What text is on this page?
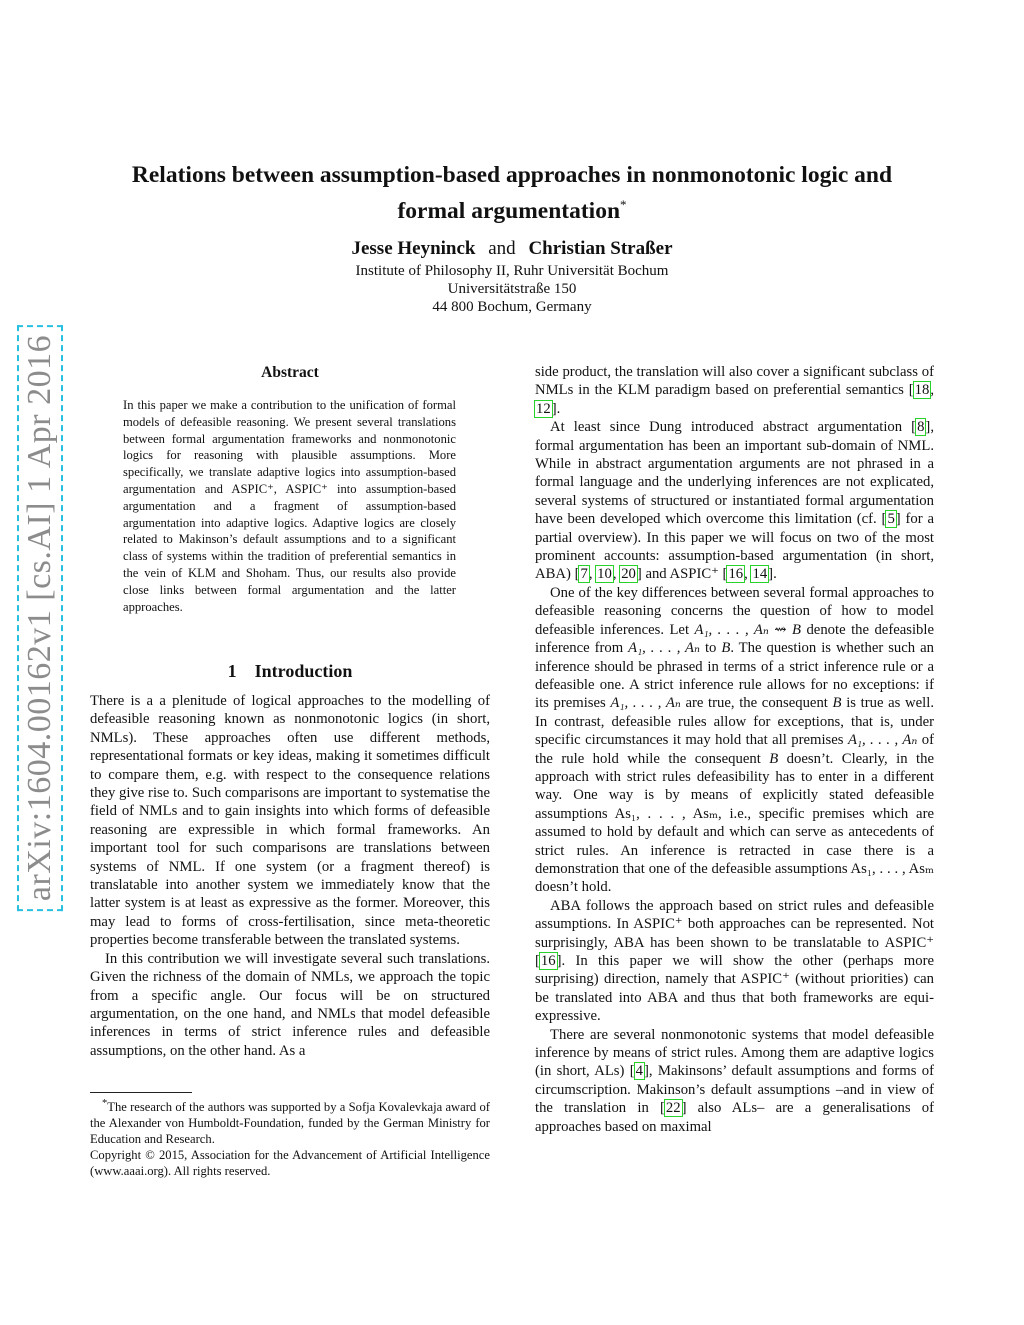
arXiv:1604.00162v1 [cs.AI] 1 Apr 2016
Relations between assumption-based approaches in nonmonotonic logic and
formal argumentation*
Jesse Heyninck and Christian Straßer
Institute of Philosophy II, Ruhr Universität Bochum
Universitätstraße 150
44 800 Bochum, Germany
Abstract
In this paper we make a contribution to the unification of formal models of defeasible reasoning. We present several translations between formal argumentation frameworks and nonmonotonic logics for reasoning with plausible assumptions. More specifically, we translate adaptive logics into assumption-based argumentation and ASPIC⁺, ASPIC⁺ into assumption-based argumentation and a fragment of assumption-based argumentation into adaptive logics. Adaptive logics are closely related to Makinson’s default assumptions and to a significant class of systems within the tradition of preferential semantics in the vein of KLM and Shoham. Thus, our results also provide close links between formal argumentation and the latter approaches.
1 Introduction

There is a a plenitude of logical approaches to the modelling of defeasible reasoning known as nonmonotonic logics (in short, NMLs). These approaches often use different methods, representational formats or key ideas, making it sometimes difficult to compare them, e.g. with respect to the consequence relations they give rise to. Such comparisons are important to systematise the field of NMLs and to gain insights into which forms of defeasible reasoning are expressible in which formal frameworks. An important tool for such comparisons are translations between systems of NML. If one system (or a fragment thereof) is translatable into another system we immediately know that the latter system is at least as expressive as the former. Moreover, this may lead to forms of cross-fertilisation, since meta-theoretic properties become transferable between the translated systems.

In this contribution we will investigate several such translations. Given the richness of the domain of NMLs, we approach the topic from a specific angle. Our focus will be on structured argumentation, on the one hand, and NMLs that model defeasible inferences in terms of strict inference rules and defeasible assumptions, on the other hand. As a

*The research of the authors was supported by a Sofja Kovalevkaja award of the Alexander von Humboldt-Foundation, funded by the German Ministry for Education and Research.

Copyright © 2015, Association for the Advancement of Artificial Intelligence (www.aaai.org). All rights reserved.

side product, the translation will also cover a significant subclass of NMLs in the KLM paradigm based on preferential semantics [18, 12].

At least since Dung introduced abstract argumentation [8], formal argumentation has been an important sub-domain of NML. While in abstract argumentation arguments are not phrased in a formal language and the underlying inferences are not explicated, several systems of structured or instantiated formal argumentation have been developed which overcome this limitation (cf. [5] for a partial overview). In this paper we will focus on two of the most prominent accounts: assumption-based argumentation (in short, ABA) [7, 10, 20] and ASPIC⁺ [16, 14].

One of the key differences between several formal approaches to defeasible reasoning concerns the question of how to model defeasible inferences. Let A₁, . . . , Aₙ ⇝ B denote the defeasible inference from A₁, . . . , Aₙ to B. The question is whether such an inference should be phrased in terms of a strict inference rule or a defeasible one. A strict inference rule allows for no exceptions: if its premises A₁, . . . , Aₙ are true, the consequent B is true as well. In contrast, defeasible rules allow for exceptions, that is, under specific circumstances it may hold that all premises A₁, . . . , Aₙ of the rule hold while the consequent B doesn’t. Clearly, in the approach with strict rules defeasibility has to enter in a different way. One way is by means of explicitly stated defeasible assumptions As₁, . . . , Asₘ, i.e., specific premises which are assumed to hold by default and which can serve as antecedents of strict rules. An inference is retracted in case there is a demonstration that one of the defeasible assumptions As₁, . . . , Asₘ doesn’t hold.

ABA follows the approach based on strict rules and defeasible assumptions. In ASPIC⁺ both approaches can be represented. Not surprisingly, ABA has been shown to be translatable to ASPIC⁺ [16]. In this paper we will show the other (perhaps more surprising) direction, namely that ASPIC⁺ (without priorities) can be translated into ABA and thus that both frameworks are equi-expressive.

There are several nonmonotonic systems that model defeasible inference by means of strict rules. Among them are adaptive logics (in short, ALs) [4], Makinsons’ default assumptions and forms of circumscription. Makinson’s default assumptions –and in view of the translation in [22] also ALs– are a generalisations of approaches based on maximal
